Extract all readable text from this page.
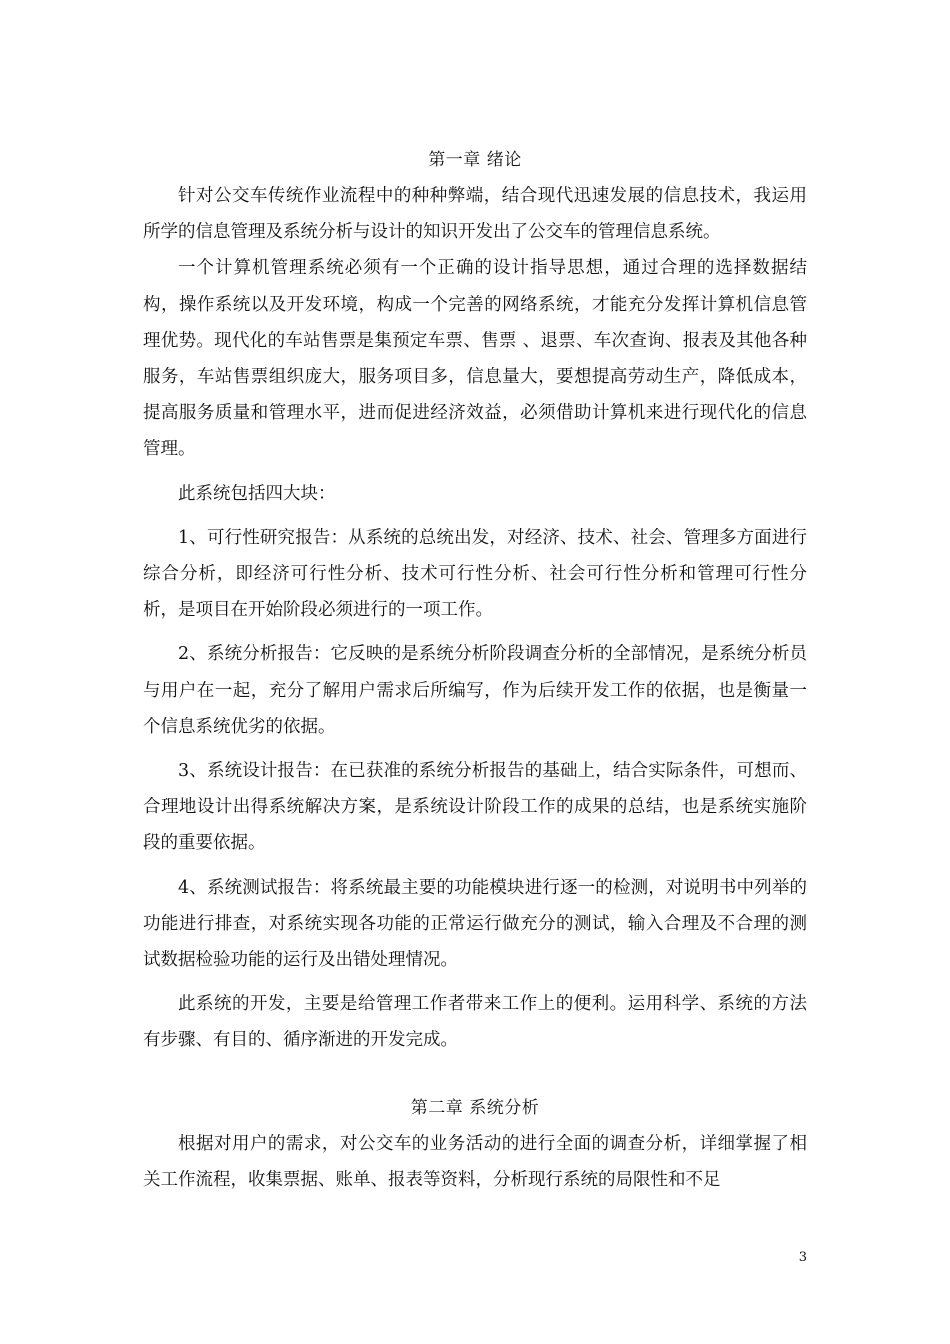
第一章 绪论

针对公交车传统作业流程中的种种弊端，结合现代迅速发展的信息技术，我运用所学的信息管理及系统分析与设计的知识开发出了公交车的管理信息系统。

一个计算机管理系统必须有一个正确的设计指导思想，通过合理的选择数据结构，操作系统以及开发环境，构成一个完善的网络系统，才能充分发挥计算机信息管理优势。现代化的车站售票是集预定车票、售票 、退票、车次查询、报表及其他各种服务，车站售票组织庞大，服务项目多，信息量大，要想提高劳动生产，降低成本，提高服务质量和管理水平，进而促进经济效益，必须借助计算机来进行现代化的信息管理。

此系统包括四大块：

1、可行性研究报告：从系统的总统出发，对经济、技术、社会、管理多方面进行综合分析，即经济可行性分析、技术可行性分析、社会可行性分析和管理可行性分析，是项目在开始阶段必须进行的一项工作。

2、系统分析报告：它反映的是系统分析阶段调查分析的全部情况，是系统分析员与用户在一起，充分了解用户需求后所编写，作为后续开发工作的依据，也是衡量一个信息系统优劣的依据。

3、系统设计报告：在已获准的系统分析报告的基础上，结合实际条件，可想而、合理地设计出得系统解决方案，是系统设计阶段工作的成果的总结，也是系统实施阶段的重要依据。

4、系统测试报告：将系统最主要的功能模块进行逐一的检测，对说明书中列举的功能进行排查，对系统实现各功能的正常运行做充分的测试，输入合理及不合理的测试数据检验功能的运行及出错处理情况。

此系统的开发，主要是给管理工作者带来工作上的便利。运用科学、系统的方法有步骤、有目的、循序渐进的开发完成。

第二章 系统分析

根据对用户的需求，对公交车的业务活动的进行全面的调查分析，详细掌握了相关工作流程，收集票据、账单、报表等资料，分析现行系统的局限性和不足

3
